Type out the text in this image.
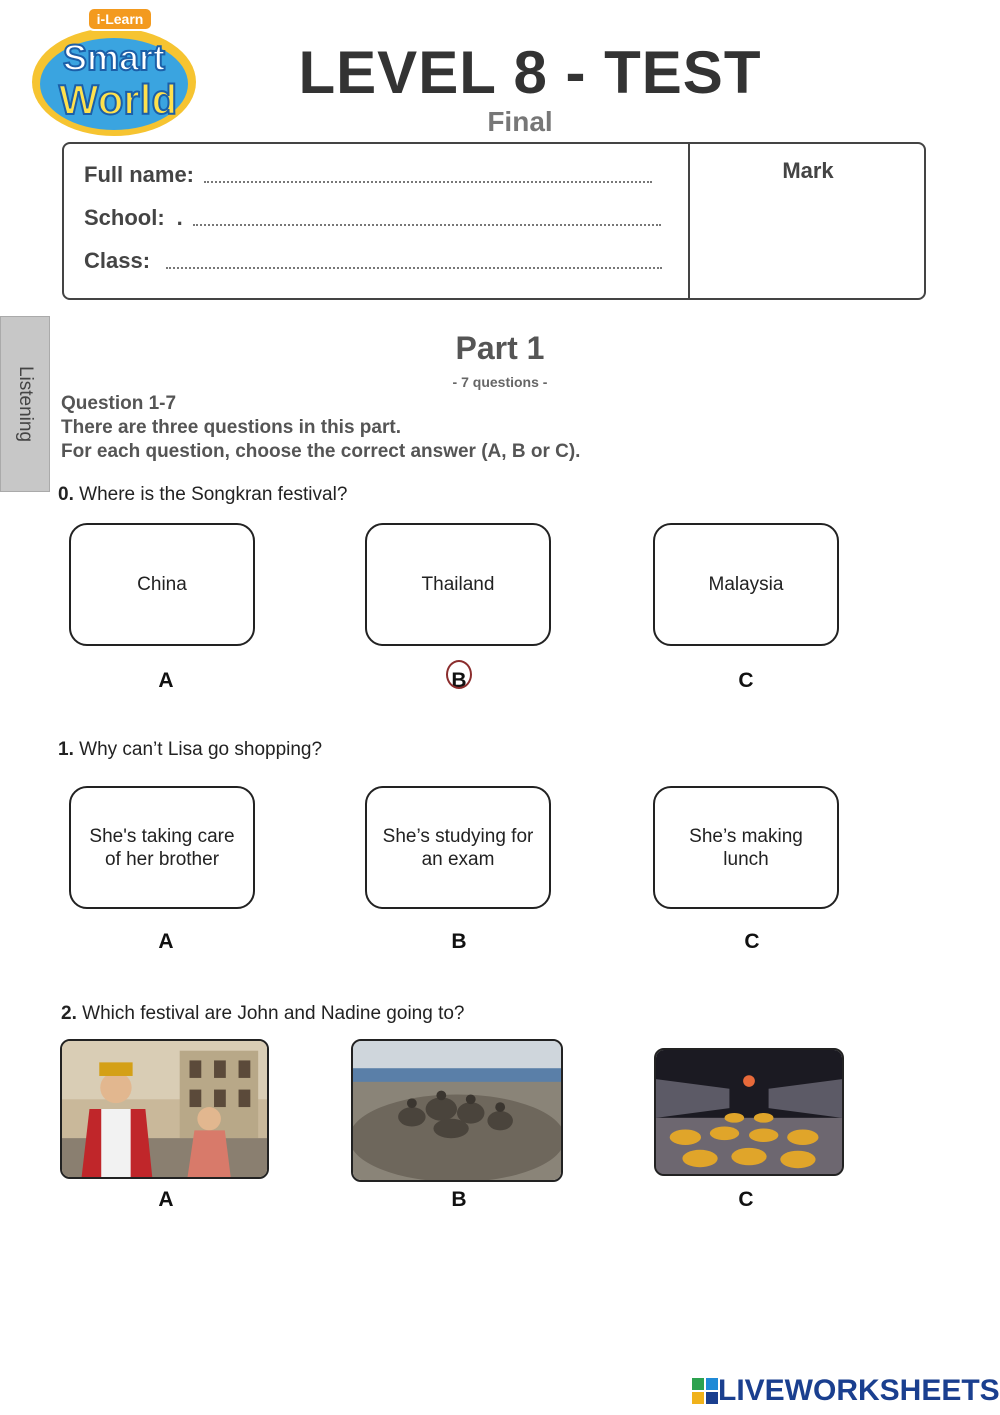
i-Learn
Smart
World	LEVEL 8 - TEST
Final
Full name:
School: .
Class:
Mark
Listening
Part 1
- 7 questions -
Question 1-7
There are three questions in this part.
For each question, choose the correct answer (A, B or C).
0. Where is the Songkran festival?
China	Thailand	Malaysia
A	B	C
1. Why can’t Lisa go shopping?
She's taking care of her brother
She’s studying for an exam
She’s making lunch
A	B	C
2. Which festival are John and Nadine going to?
A	B	C
LIVEWORKSHEETS
